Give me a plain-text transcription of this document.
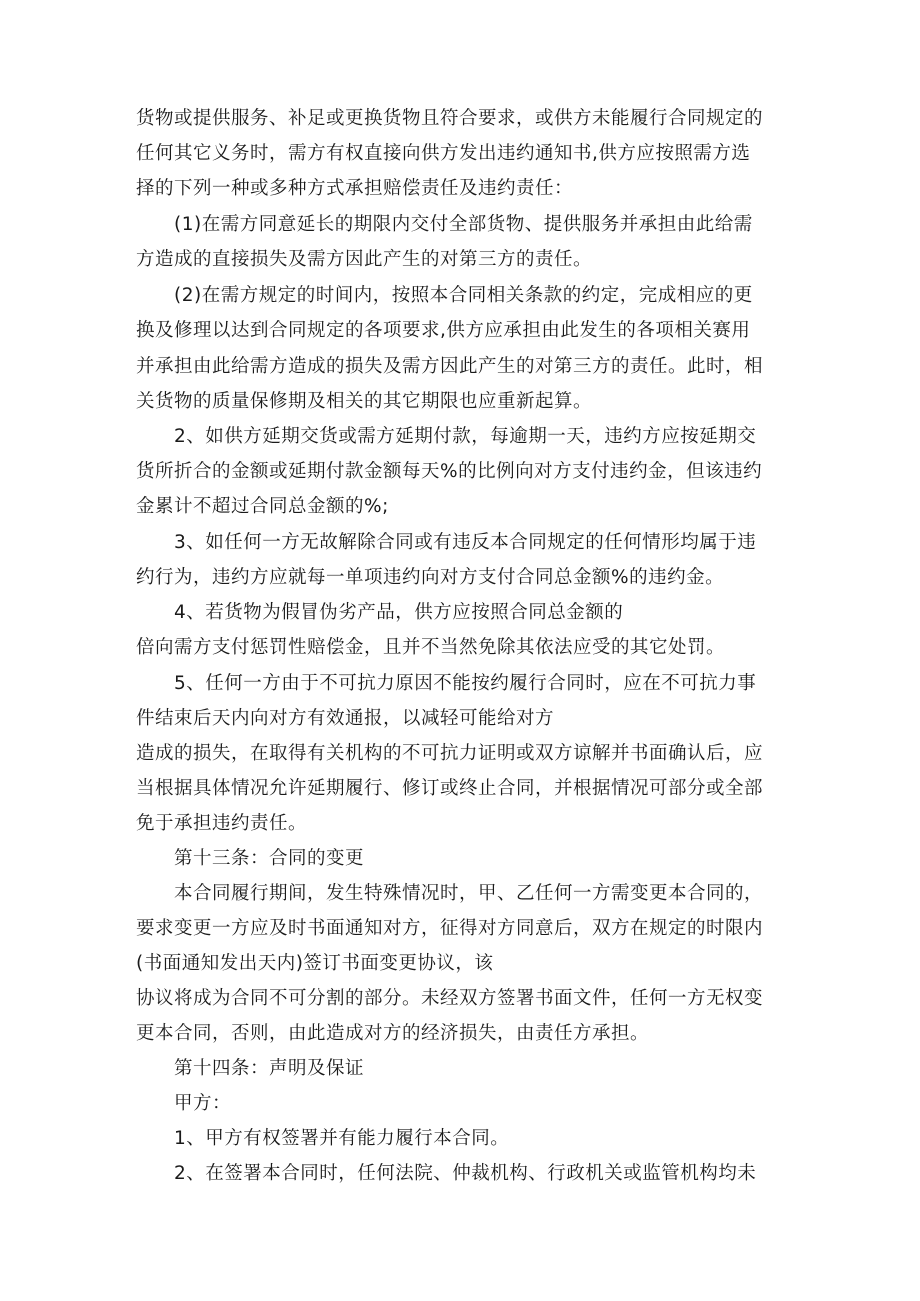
货物或提供服务、补足或更换货物且符合要求，或供方未能履行合同规定的
任何其它义务时，需方有权直接向供方发出违约通知书,供方应按照需方选
择的下列一种或多种方式承担赔偿责任及违约责任：
(1)在需方同意延长的期限内交付全部货物、提供服务并承担由此给需
方造成的直接损失及需方因此产生的对第三方的责任。
(2)在需方规定的时间内，按照本合同相关条款的约定，完成相应的更
换及修理以达到合同规定的各项要求,供方应承担由此发生的各项相关赛用
并承担由此给需方造成的损失及需方因此产生的对第三方的责任。此时，相
关货物的质量保修期及相关的其它期限也应重新起算。
2、如供方延期交货或需方延期付款，每逾期一天，违约方应按延期交
货所折合的金额或延期付款金额每天%的比例向对方支付违约金，但该违约
金累计不超过合同总金额的%;
3、如任何一方无故解除合同或有违反本合同规定的任何情形均属于违
约行为，违约方应就每一单项违约向对方支付合同总金额%的违约金。
4、若货物为假冒伪劣产品，供方应按照合同总金额的
倍向需方支付惩罚性赔偿金，且并不当然免除其依法应受的其它处罚。
5、任何一方由于不可抗力原因不能按约履行合同时，应在不可抗力事
件结束后天内向对方有效通报，以减轻可能给对方
造成的损失，在取得有关机构的不可抗力证明或双方谅解并书面确认后，应
当根据具体情况允许延期履行、修订或终止合同，并根据情况可部分或全部
免于承担违约责任。
第十三条：合同的变更
本合同履行期间，发生特殊情况时，甲、乙任何一方需变更本合同的，
要求变更一方应及时书面通知对方，征得对方同意后，双方在规定的时限内
(书面通知发出天内)签订书面变更协议，该
协议将成为合同不可分割的部分。未经双方签署书面文件，任何一方无权变
更本合同，否则，由此造成对方的经济损失，由责任方承担。
第十四条：声明及保证
甲方：
1、甲方有权签署并有能力履行本合同。
2、在签署本合同时，任何法院、仲裁机构、行政机关或监管机构均未
